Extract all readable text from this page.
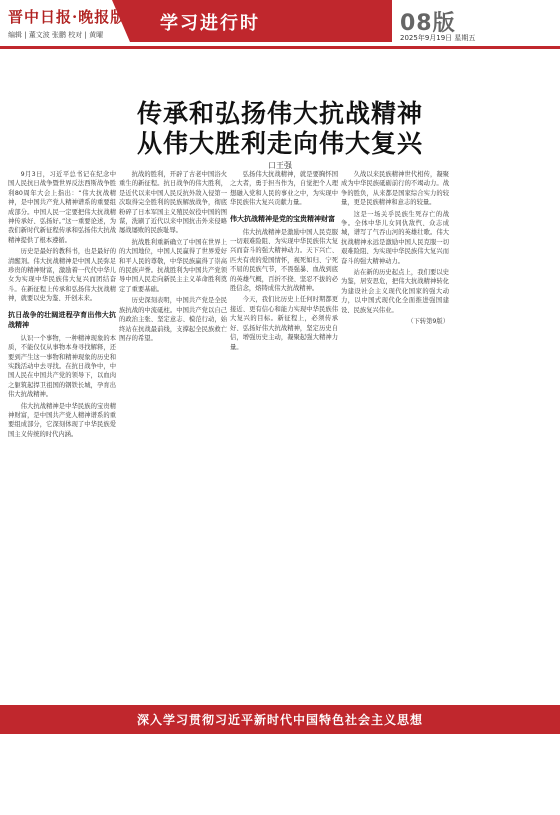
晋中日报·晚报版
编辑 | 董文波 张鹏 校对 | 黄曜
学习进行时	08版
2025年9月19日 星期五
传承和弘扬伟大抗战精神
从伟大胜利走向伟大复兴
口王强

9月3日，习近平总书记在纪念中国人民抗日战争暨世界反法西斯战争胜利80周年大会上指出：“伟大抗战精神，是中国共产党人精神谱系的重要组成部分。中国人民一定要把伟大抗战精神传承好、弘扬好。”这一重要论述，为我们新时代新征程传承和弘扬伟大抗战精神提供了根本遵循。

历史是最好的教科书，也是最好的清醒剂。伟大抗战精神是中国人民弥足珍贵的精神财富，激励着一代代中华儿女为实现中华民族伟大复兴而团结奋斗。在新征程上传承和弘扬伟大抗战精神，就要以史为鉴、开创未来。

抗日战争的壮阔进程孕育出伟大抗战精神

认识一个事物，一种精神现象的本质，不能仅仅从事物本身寻找解释，还要到产生这一事物和精神现象的历史和实践活动中去寻找。在抗日战争中，中国人民在中国共产党的领导下，以血肉之躯筑起捍卫祖国的钢铁长城，孕育出伟大抗战精神。

伟大抗战精神是中华民族的宝贵精神财富，是中国共产党人精神谱系的重要组成部分，它深刻体现了中华民族爱国主义传统的时代内涵。

抗战的胜利，开辟了古老中国浴火重生的新征程。抗日战争的伟大胜利，是近代以来中国人民反抗外敌入侵第一次取得完全胜利的民族解放战争，彻底粉碎了日本军国主义殖民奴役中国的图谋，洗刷了近代以来中国抗击外来侵略屡战屡败的民族耻辱。

抗战胜利重新确立了中国在世界上的大国地位，中国人民赢得了世界爱好和平人民的尊敬，中华民族赢得了崇高的民族声誉。抗战胜利为中国共产党领导中国人民走向新民主主义革命胜利奠定了重要基础。

历史深刻表明，中国共产党是全民族抗战的中流砥柱。中国共产党以自己的政治主张、坚定意志、模范行动，始终站在抗战最前线，支撑起全民族救亡图存的希望。

弘扬伟大抗战精神，就是要胸怀国之大者，勇于担当作为，自觉把个人理想融入党和人民的事业之中，为实现中华民族伟大复兴贡献力量。

伟大抗战精神是党的宝贵精神财富

伟大抗战精神是激励中国人民克服一切艰难险阻、为实现中华民族伟大复兴而奋斗的强大精神动力。天下兴亡、匹夫有责的爱国情怀，视死如归、宁死不屈的民族气节，不畏强暴、血战到底的英雄气概，百折不挠、坚忍不拔的必胜信念，熔铸成伟大抗战精神。

今天，我们比历史上任何时期都更接近、更有信心和能力实现中华民族伟大复兴的目标。新征程上，必须传承好、弘扬好伟大抗战精神，坚定历史自信，增强历史主动，凝聚起强大精神力量。

久战以来民族精神世代相传，凝聚成为中华民族砥砺前行的不竭动力。战争的胜负，从来都是国家综合实力的较量，更是民族精神和意志的较量。

这是一场关乎民族生死存亡的战争。全体中华儿女同仇敌忾、众志成城，谱写了气吞山河的英雄壮歌。伟大抗战精神永远是激励中国人民克服一切艰难险阻、为实现中华民族伟大复兴而奋斗的强大精神动力。

站在新的历史起点上，我们要以史为鉴，居安思危，把伟大抗战精神转化为建设社会主义现代化国家的强大动力，以中国式现代化全面推进强国建设、民族复兴伟业。

（下转第9版）
深入学习贯彻习近平新时代中国特色社会主义思想
